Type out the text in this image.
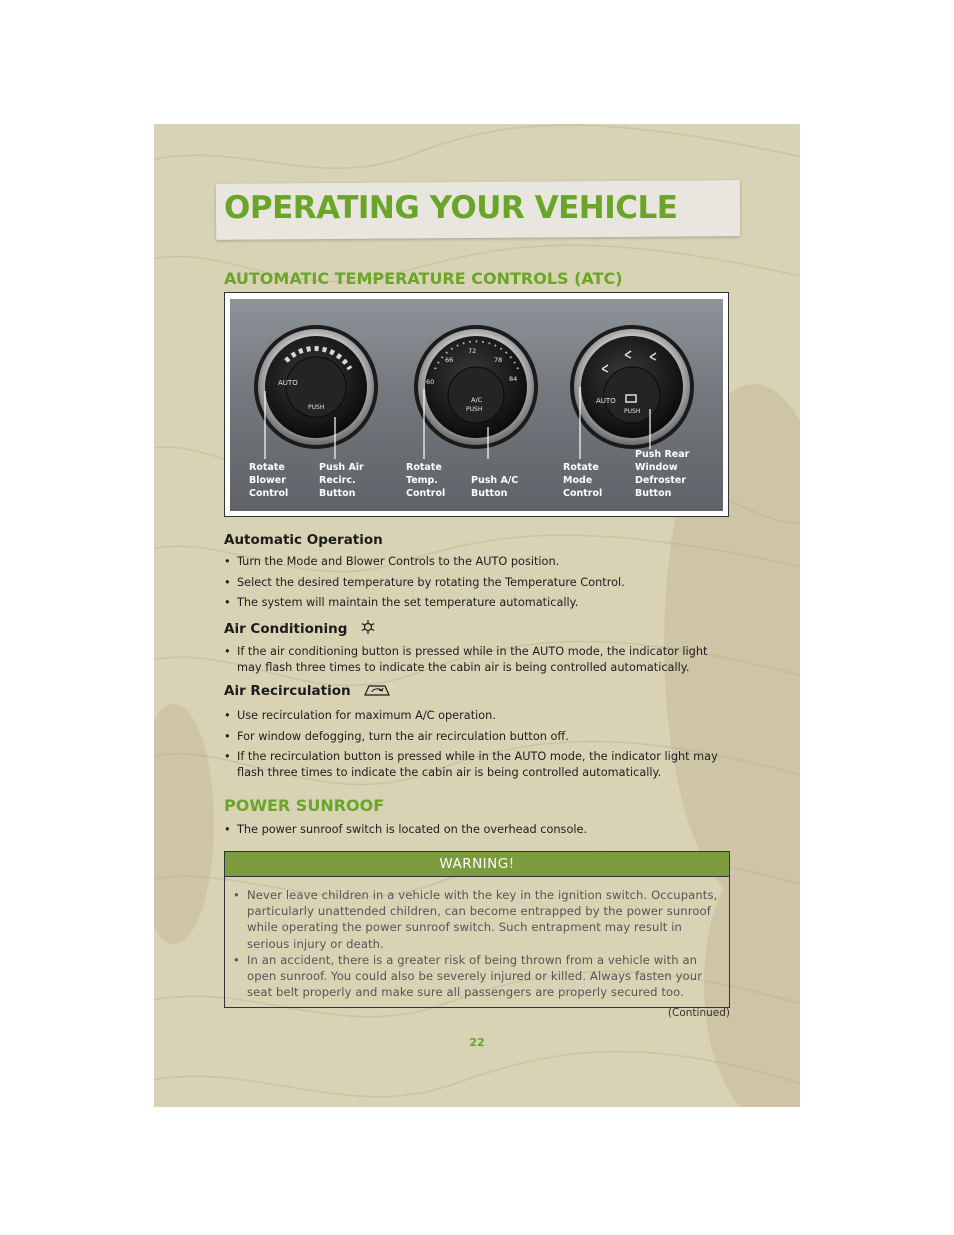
OPERATING YOUR VEHICLE
AUTOMATIC TEMPERATURE CONTROLS (ATC)
AUTO
PUSH
60
66
72
78
84
A/C
PUSH
AUTO
PUSH
Rotate
Blower
Control
Push Air
Recirc.
Button
Rotate
Temp.
Control
Push A/C
Button
Rotate
Mode
Control
Push Rear
Window
Defroster
Button
Automatic Operation
• Turn the Mode and Blower Controls to the AUTO position.
• Select the desired temperature by rotating the Temperature Control.
• The system will maintain the set temperature automatically.
Air Conditioning
• If the air conditioning button is pressed while in the AUTO mode, the indicator light may flash three times to indicate the cabin air is being controlled automatically.
Air Recirculation
• Use recirculation for maximum A/C operation.
• For window defogging, turn the air recirculation button off.
• If the recirculation button is pressed while in the AUTO mode, the indicator light may flash three times to indicate the cabin air is being controlled automatically.
POWER SUNROOF
• The power sunroof switch is located on the overhead console.
WARNING!
• Never leave children in a vehicle with the key in the ignition switch. Occupants, particularly unattended children, can become entrapped by the power sunroof while operating the power sunroof switch. Such entrapment may result in serious injury or death.
• In an accident, there is a greater risk of being thrown from a vehicle with an open sunroof. You could also be severely injured or killed. Always fasten your seat belt properly and make sure all passengers are properly secured too.
(Continued)
22
